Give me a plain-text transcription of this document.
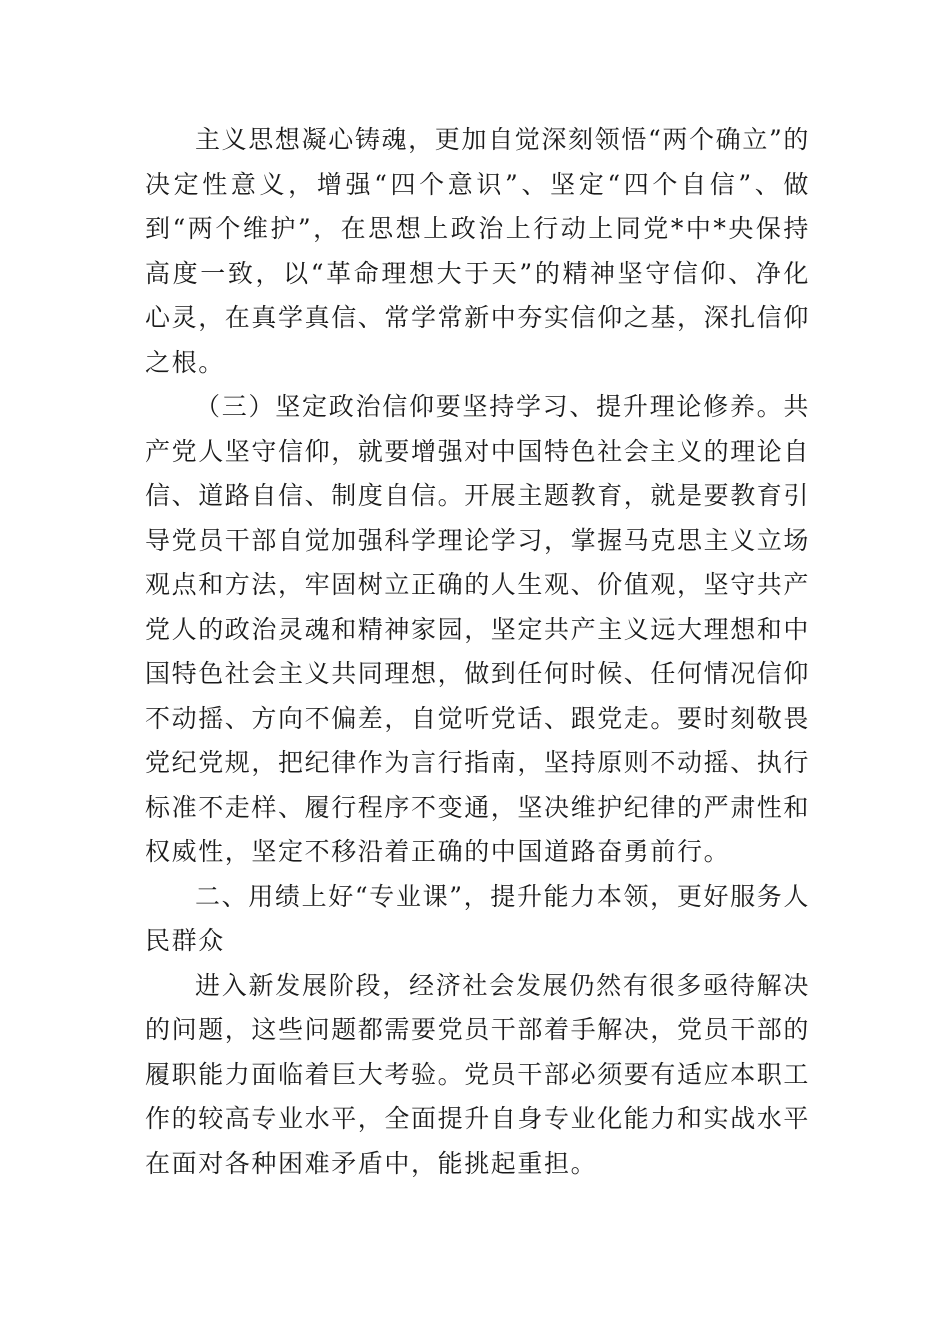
主义思想凝心铸魂，更加自觉深刻领悟“两个确立”的决定性意义，增强“四个意识”、坚定“四个自信”、做到“两个维护”，在思想上政治上行动上同党*中*央保持高度一致，以“革命理想大于天”的精神坚守信仰、净化心灵，在真学真信、常学常新中夯实信仰之基，深扎信仰之根。

（三）坚定政治信仰要坚持学习、提升理论修养。共产党人坚守信仰，就要增强对中国特色社会主义的理论自信、道路自信、制度自信。开展主题教育，就是要教育引导党员干部自觉加强科学理论学习，掌握马克思主义立场观点和方法，牢固树立正确的人生观、价值观，坚守共产党人的政治灵魂和精神家园，坚定共产主义远大理想和中国特色社会主义共同理想，做到任何时候、任何情况信仰不动摇、方向不偏差，自觉听党话、跟党走。要时刻敬畏党纪党规，把纪律作为言行指南，坚持原则不动摇、执行标准不走样、履行程序不变通，坚决维护纪律的严肃性和权威性，坚定不移沿着正确的中国道路奋勇前行。

二、用绩上好“专业课”，提升能力本领，更好服务人民群众

进入新发展阶段，经济社会发展仍然有很多亟待解决的问题，这些问题都需要党员干部着手解决，党员干部的履职能力面临着巨大考验。党员干部必须要有适应本职工作的较高专业水平，全面提升自身专业化能力和实战水平在面对各种困难矛盾中，能挑起重担。
